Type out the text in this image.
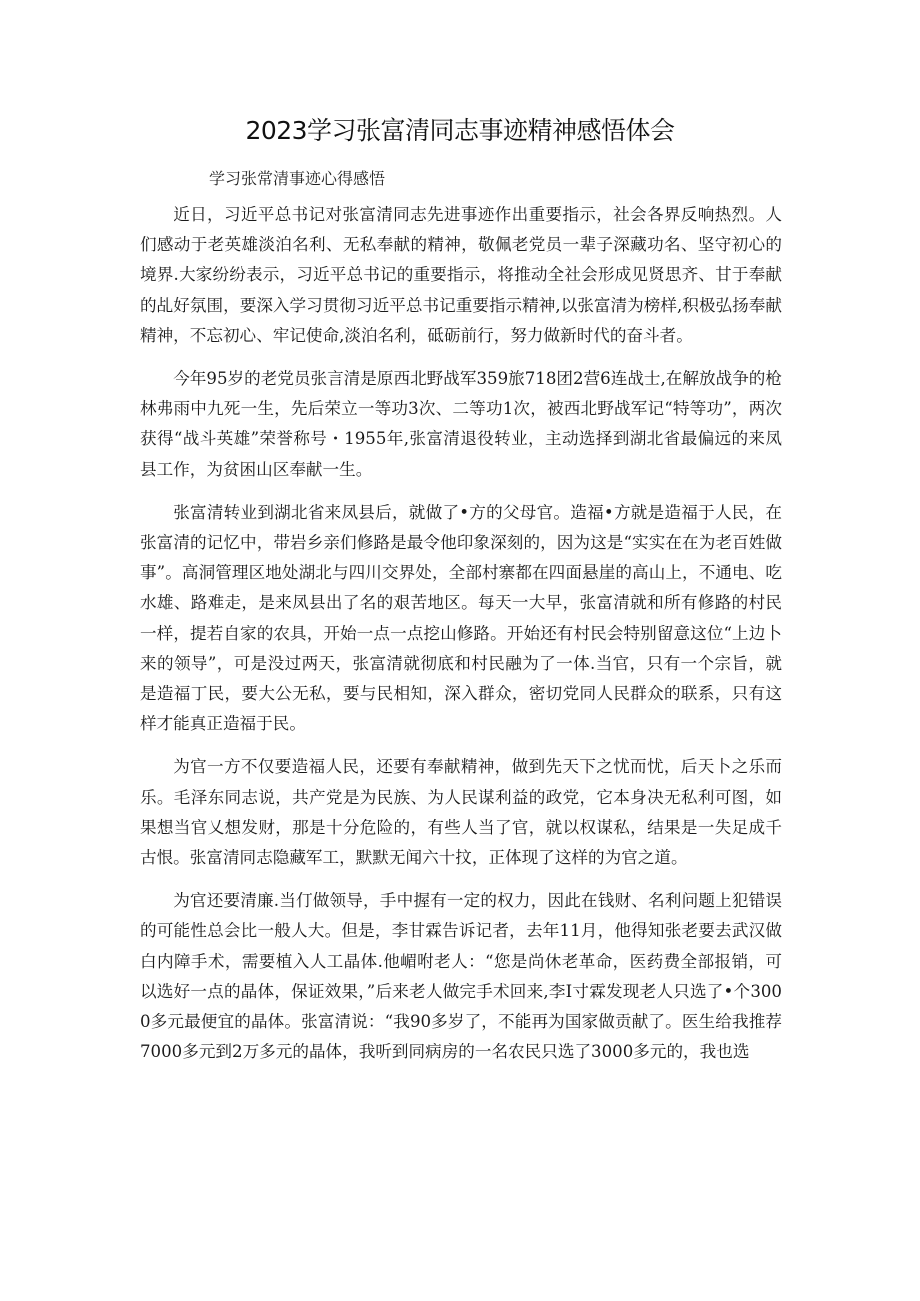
2023学习张富清同志事迹精神感悟体会
学习张常清事迹心得感悟

近日，习近平总书记对张富清同志先进事迹作出重要指示，社会各界反响热烈。人们感动于老英雄淡泊名利、无私奉献的精神，敬佩老党员一辈子深藏功名、坚守初心的境界.大家纷纷表示，习近平总书记的重要指示，将推动全社会形成见贤思齐、甘于奉献的乩好氛围，要深入学习贯彻习近平总书记重要指示精神,以张富清为榜样,积极弘扬奉献精神，不忘初心、牢记使命,淡泊名利，砥砺前行，努力做新时代的奋斗者。

今年95岁的老党员张言清是原西北野战军359旅718团2营6连战士,在解放战争的枪林弗雨中九死一生，先后荣立一等功3次、二等功1次，被西北野战军记“特等功”，两次获得“战斗英雄”荣誉称号・1955年,张富清退役转业，主动选择到湖北省最偏远的来凤县工作，为贫困山区奉献一生。

张富清转业到湖北省来凤县后，就做了•方的父母官。造福•方就是造福于人民，在张富清的记忆中，带岩乡亲们修路是最令他印象深刻的，因为这是“实实在在为老百姓做事”。高洞管理区地处湖北与四川交界处，全部村寨都在四面悬崖的高山上，不通电、吃水雄、路难走，是来凤县出了名的艰苦地区。每天一大早，张富清就和所有修路的村民一样，提若自家的农具，开始一点一点挖山修路。开始还有村民会特别留意这位“上边卜来的领导”，可是没过两天，张富清就彻底和村民融为了一体.当官，只有一个宗旨，就是造福丁民，要大公无私，要与民相知，深入群众，密切党同人民群众的联系，只有这样才能真正造福于民。

为官一方不仅要造福人民，还要有奉献精神，做到先天下之忧而忧，后天卜之乐而乐。毛泽东同志说，共产党是为民族、为人民谋利益的政党，它本身决无私利可图，如果想当官乂想发财，那是十分危险的，有些人当了官，就以权谋私，结果是一失足成千古恨。张富清同志隐藏军工，默默无闻六十抆，正体现了这样的为官之道。

为官还要清廉.当仃做领导，手中握有一定的权力，因此在钱财、名利问题上犯错误的可能性总会比一般人大。但是，李甘霖告诉记者，去年11月，他得知张老要去武汉做白内障手术，需要植入人工晶体.他嵋咐老人：“您是尚休老革命，医药费全部报销，可以选好一点的晶体，保证效果，”后来老人做完手术回来,李I寸霖发现老人只选了•个3000多元最便宜的晶体。张富清说：“我90多岁了，不能再为国家做贡献了。医生给我推荐7000多元到2万多元的晶体，我听到同病房的一名农民只选了3000多元的，我也选
